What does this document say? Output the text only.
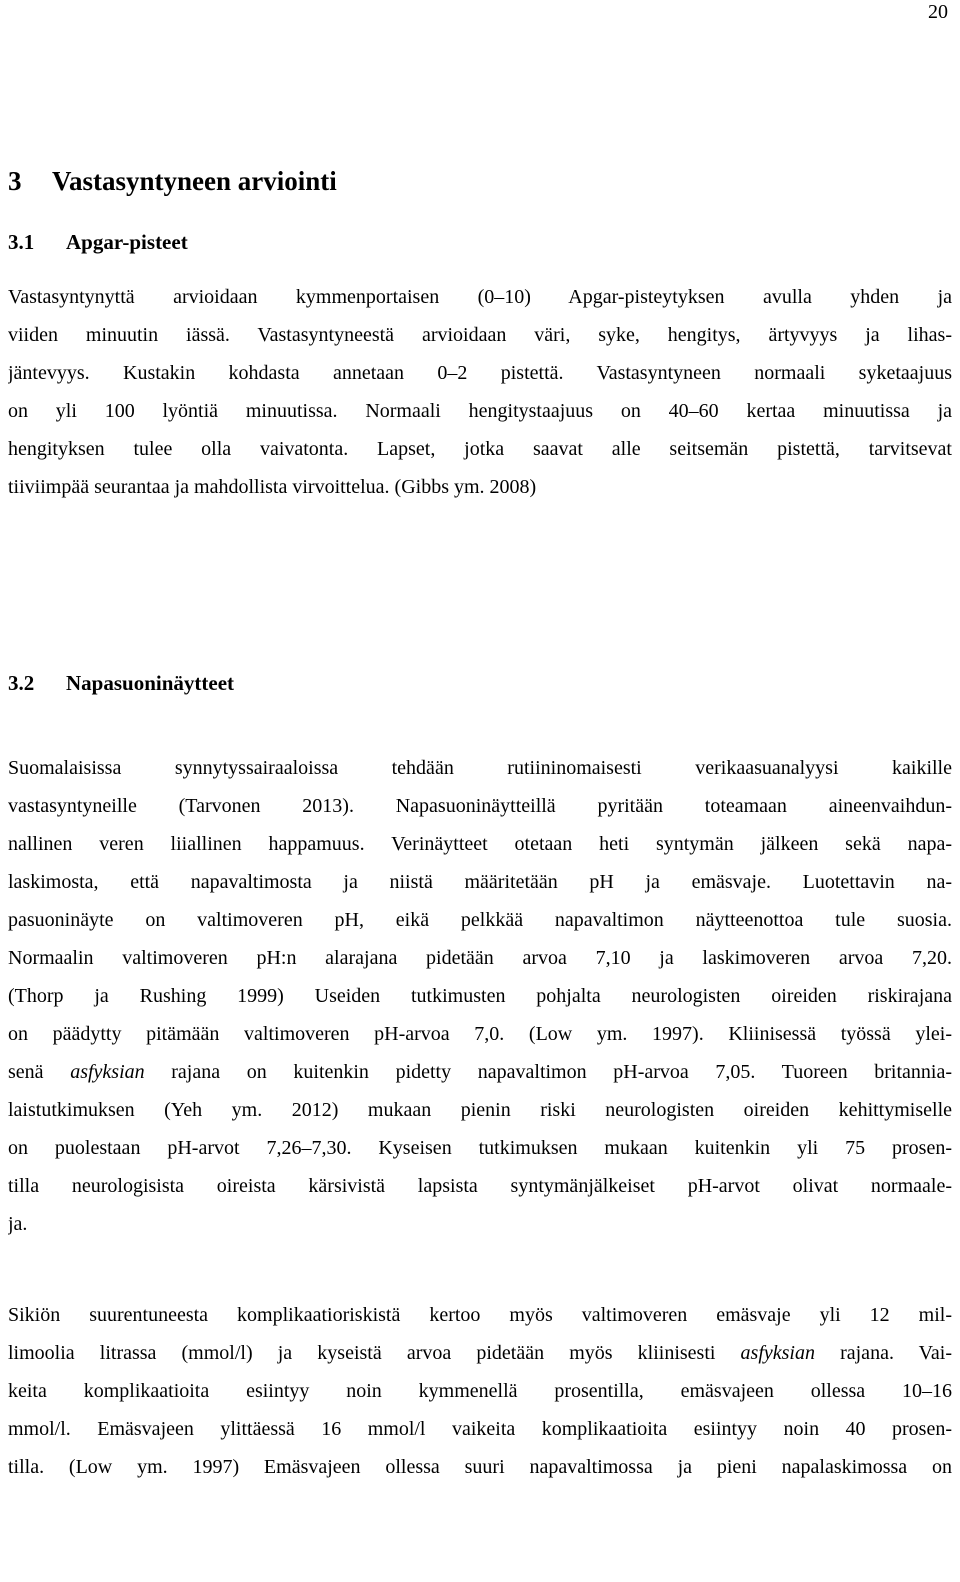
20
3 Vastasyntyneen arviointi
3.1 Apgar-pisteet
Vastasyntynyttä arvioidaan kymmenportaisen (0–10) Apgar-pisteytyksen avulla yhden ja
viiden minuutin iässä. Vastasyntyneestä arvioidaan väri, syke, hengitys, ärtyvyys ja lihas-
jäntevyys. Kustakin kohdasta annetaan 0–2 pistettä. Vastasyntyneen normaali syketaajuus
on yli 100 lyöntiä minuutissa. Normaali hengitystaajuus on 40–60 kertaa minuutissa ja
hengityksen tulee olla vaivatonta. Lapset, jotka saavat alle seitsemän pistettä, tarvitsevat
tiiviimpää seurantaa ja mahdollista virvoittelua. (Gibbs ym. 2008)
3.2 Napasuoninäytteet
Suomalaisissa synnytyssairaaloissa tehdään rutiininomaisesti verikaasuanalyysi kaikille
vastasyntyneille (Tarvonen 2013). Napasuoninäytteillä pyritään toteamaan aineenvaihdun-
nallinen veren liiallinen happamuus. Verinäytteet otetaan heti syntymän jälkeen sekä napa-
laskimosta, että napavaltimosta ja niistä määritetään pH ja emäsvaje. Luotettavin na-
pasuoninäyte on valtimoveren pH, eikä pelkkää napavaltimon näytteenottoa tule suosia.
Normaalin valtimoveren pH:n alarajana pidetään arvoa 7,10 ja laskimoveren arvoa 7,20.
(Thorp ja Rushing 1999) Useiden tutkimusten pohjalta neurologisten oireiden riskirajana
on päädytty pitämään valtimoveren pH-arvoa 7,0. (Low ym. 1997). Kliinisessä työssä ylei-
senä asfyksian rajana on kuitenkin pidetty napavaltimon pH-arvoa 7,05. Tuoreen britannia-
laistutkimuksen (Yeh ym. 2012) mukaan pienin riski neurologisten oireiden kehittymiselle
on puolestaan pH-arvot 7,26–7,30. Kyseisen tutkimuksen mukaan kuitenkin yli 75 prosen-
tilla neurologisista oireista kärsivistä lapsista syntymänjälkeiset pH-arvot olivat normaale-
ja.
Sikiön suurentuneesta komplikaatioriskistä kertoo myös valtimoveren emäsvaje yli 12 mil-
limoolia litrassa (mmol/l) ja kyseistä arvoa pidetään myös kliinisesti asfyksian rajana. Vai-
keita komplikaatioita esiintyy noin kymmenellä prosentilla, emäsvajeen ollessa 10–16
mmol/l. Emäsvajeen ylittäessä 16 mmol/l vaikeita komplikaatioita esiintyy noin 40 prosen-
tilla. (Low ym. 1997) Emäsvajeen ollessa suuri napavaltimossa ja pieni napalaskimossa on
